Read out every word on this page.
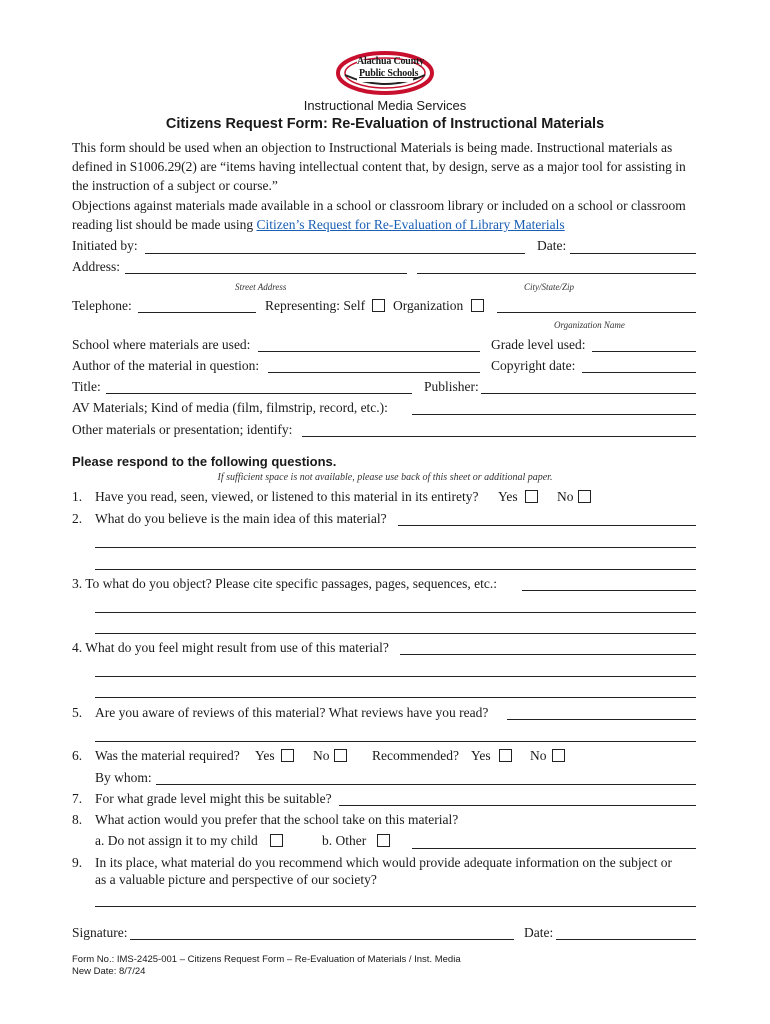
Alachua County
Public Schools
Instructional Media Services
Citizens Request Form: Re-Evaluation of Instructional Materials
This form should be used when an objection to Instructional Materials is being made. Instructional materials as defined in S1006.29(2) are “items having intellectual content that, by design, serve as a major tool for assisting in the instruction of a subject or course.”
Objections against materials made available in a school or classroom library or included on a school or classroom reading list should be made using Citizen’s Request for Re-Evaluation of Library Materials
Initiated by:	Date:
Address:
Street Address	City/State/Zip
Telephone:	Representing: Self Organization
Organization Name
School where materials are used:	Grade level used:
Author of the material in question:	Copyright date:
Title:	Publisher:
AV Materials; Kind of media (film, filmstrip, record, etc.):
Other materials or presentation; identify:
Please respond to the following questions.
If sufficient space is not available, please use back of this sheet or additional paper.
1. Have you read, seen, viewed, or listened to this material in its entirety? Yes	No
2. What do you believe is the main idea of this material?
3. To what do you object? Please cite specific passages, pages, sequences, etc.:
4. What do you feel might result from use of this material?
5. Are you aware of reviews of this material? What reviews have you read?
6. Was the material required? Yes	No	Recommended? Yes	No
By whom:
7. For what grade level might this be suitable?
8. What action would you prefer that the school take on this material?
a. Do not assign it to my child	b. Other
9. In its place, what material do you recommend which would provide adequate information on the subject or
as a valuable picture and perspective of our society?
Signature:	Date:
Form No.: IMS-2425-001 – Citizens Request Form – Re-Evaluation of Materials / Inst. Media
New Date: 8/7/24
